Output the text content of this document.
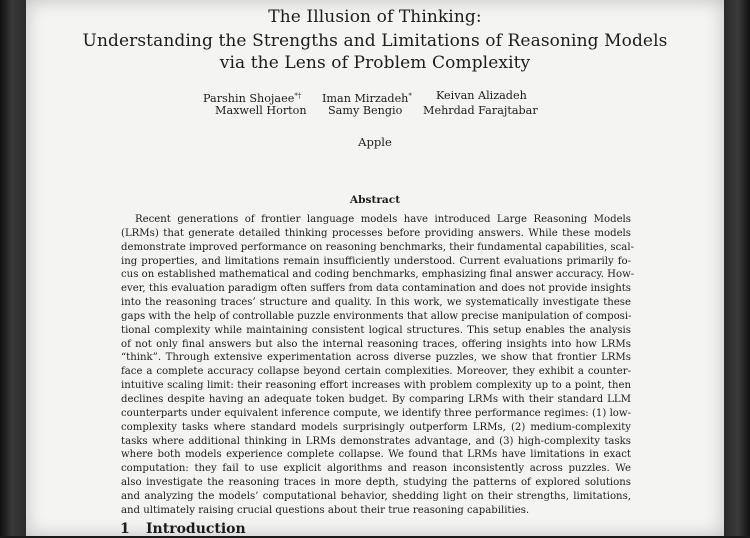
The Illusion of Thinking:
Understanding the Strengths and Limitations of Reasoning Models
via the Lens of Problem Complexity
Parshin Shojaee*† Iman Mirzadeh* Keivan Alizadeh
Maxwell Horton Samy Bengio Mehrdad Farajtabar
Apple
Abstract
Recent generations of frontier language models have introduced Large Reasoning Models
(LRMs) that generate detailed thinking processes before providing answers. While these models
demonstrate improved performance on reasoning benchmarks, their fundamental capabilities, scal-
ing properties, and limitations remain insufficiently understood. Current evaluations primarily fo-
cus on established mathematical and coding benchmarks, emphasizing final answer accuracy. How-
ever, this evaluation paradigm often suffers from data contamination and does not provide insights
into the reasoning traces’ structure and quality. In this work, we systematically investigate these
gaps with the help of controllable puzzle environments that allow precise manipulation of composi-
tional complexity while maintaining consistent logical structures. This setup enables the analysis
of not only final answers but also the internal reasoning traces, offering insights into how LRMs
“think”. Through extensive experimentation across diverse puzzles, we show that frontier LRMs
face a complete accuracy collapse beyond certain complexities. Moreover, they exhibit a counter-
intuitive scaling limit: their reasoning effort increases with problem complexity up to a point, then
declines despite having an adequate token budget. By comparing LRMs with their standard LLM
counterparts under equivalent inference compute, we identify three performance regimes: (1) low-
complexity tasks where standard models surprisingly outperform LRMs, (2) medium-complexity
tasks where additional thinking in LRMs demonstrates advantage, and (3) high-complexity tasks
where both models experience complete collapse. We found that LRMs have limitations in exact
computation: they fail to use explicit algorithms and reason inconsistently across puzzles. We
also investigate the reasoning traces in more depth, studying the patterns of explored solutions
and analyzing the models’ computational behavior, shedding light on their strengths, limitations,
and ultimately raising crucial questions about their true reasoning capabilities.
1 Introduction
